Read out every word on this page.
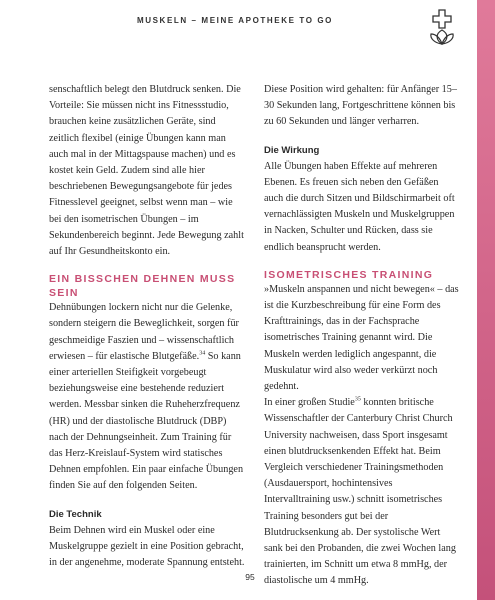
MUSKELN – MEINE APOTHEKE TO GO

senschaftlich belegt den Blutdruck senken. Die Vorteile: Sie müssen nicht ins Fitnessstudio, brauchen keine zusätzlichen Geräte, sind zeitlich flexibel (einige Übungen kann man auch mal in der Mittagspause machen) und es kostet kein Geld. Zudem sind alle hier beschriebenen Bewegungsangebote für jedes Fitnesslevel geeignet, selbst wenn man – wie bei den isometrischen Übungen – im Sekundenbereich beginnt. Jede Bewegung zahlt auf Ihr Gesundheitskonto ein.

EIN BISSCHEN DEHNEN MUSS SEIN

Dehnübungen lockern nicht nur die Gelenke, sondern steigern die Beweglichkeit, sorgen für geschmeidige Faszien und – wissenschaftlich erwiesen – für elastische Blutgefäße.$^{34}$ So kann einer arteriellen Steifigkeit vorgebeugt beziehungsweise eine bestehende reduziert werden. Messbar sinken die Ruheherzfrequenz (HR) und der diastolische Blutdruck (DBP) nach der Dehnungseinheit. Zum Training für das Herz-Kreislauf-System wird statisches Dehnen empfohlen. Ein paar einfache Übungen finden Sie auf den folgenden Seiten.

Die Technik

Beim Dehnen wird ein Muskel oder eine Muskelgruppe gezielt in eine Position gebracht, in der angenehme, moderate Spannung entsteht.

Diese Position wird gehalten: für Anfänger 15–30 Sekunden lang, Fortgeschrittene können bis zu 60 Sekunden und länger verharren.

Die Wirkung

Alle Übungen haben Effekte auf mehreren Ebenen. Es freuen sich neben den Gefäßen auch die durch Sitzen und Bildschirmarbeit oft vernachlässigten Muskeln und Muskelgruppen in Nacken, Schulter und Rücken, dass sie endlich beansprucht werden.

ISOMETRISCHES TRAINING

»Muskeln anspannen und nicht bewegen« – das ist die Kurzbeschreibung für eine Form des Krafttrainings, das in der Fachsprache isometrisches Training genannt wird. Die Muskeln werden lediglich angespannt, die Muskulatur wird also weder verkürzt noch gedehnt.

In einer großen Studie$^{35}$ konnten britische Wissenschaftler der Canterbury Christ Church University nachweisen, dass Sport insgesamt einen blutdrucksenkenden Effekt hat. Beim Vergleich verschiedener Trainingsmethoden (Ausdauersport, hochintensives Intervalltraining usw.) schnitt isometrisches Training besonders gut bei der Blutdrucksenkung ab. Der systolische Wert sank bei den Probanden, die zwei Wochen lang trainierten, im Schnitt um etwa 8 mmHg, der diastolische um 4 mmHg.

95
